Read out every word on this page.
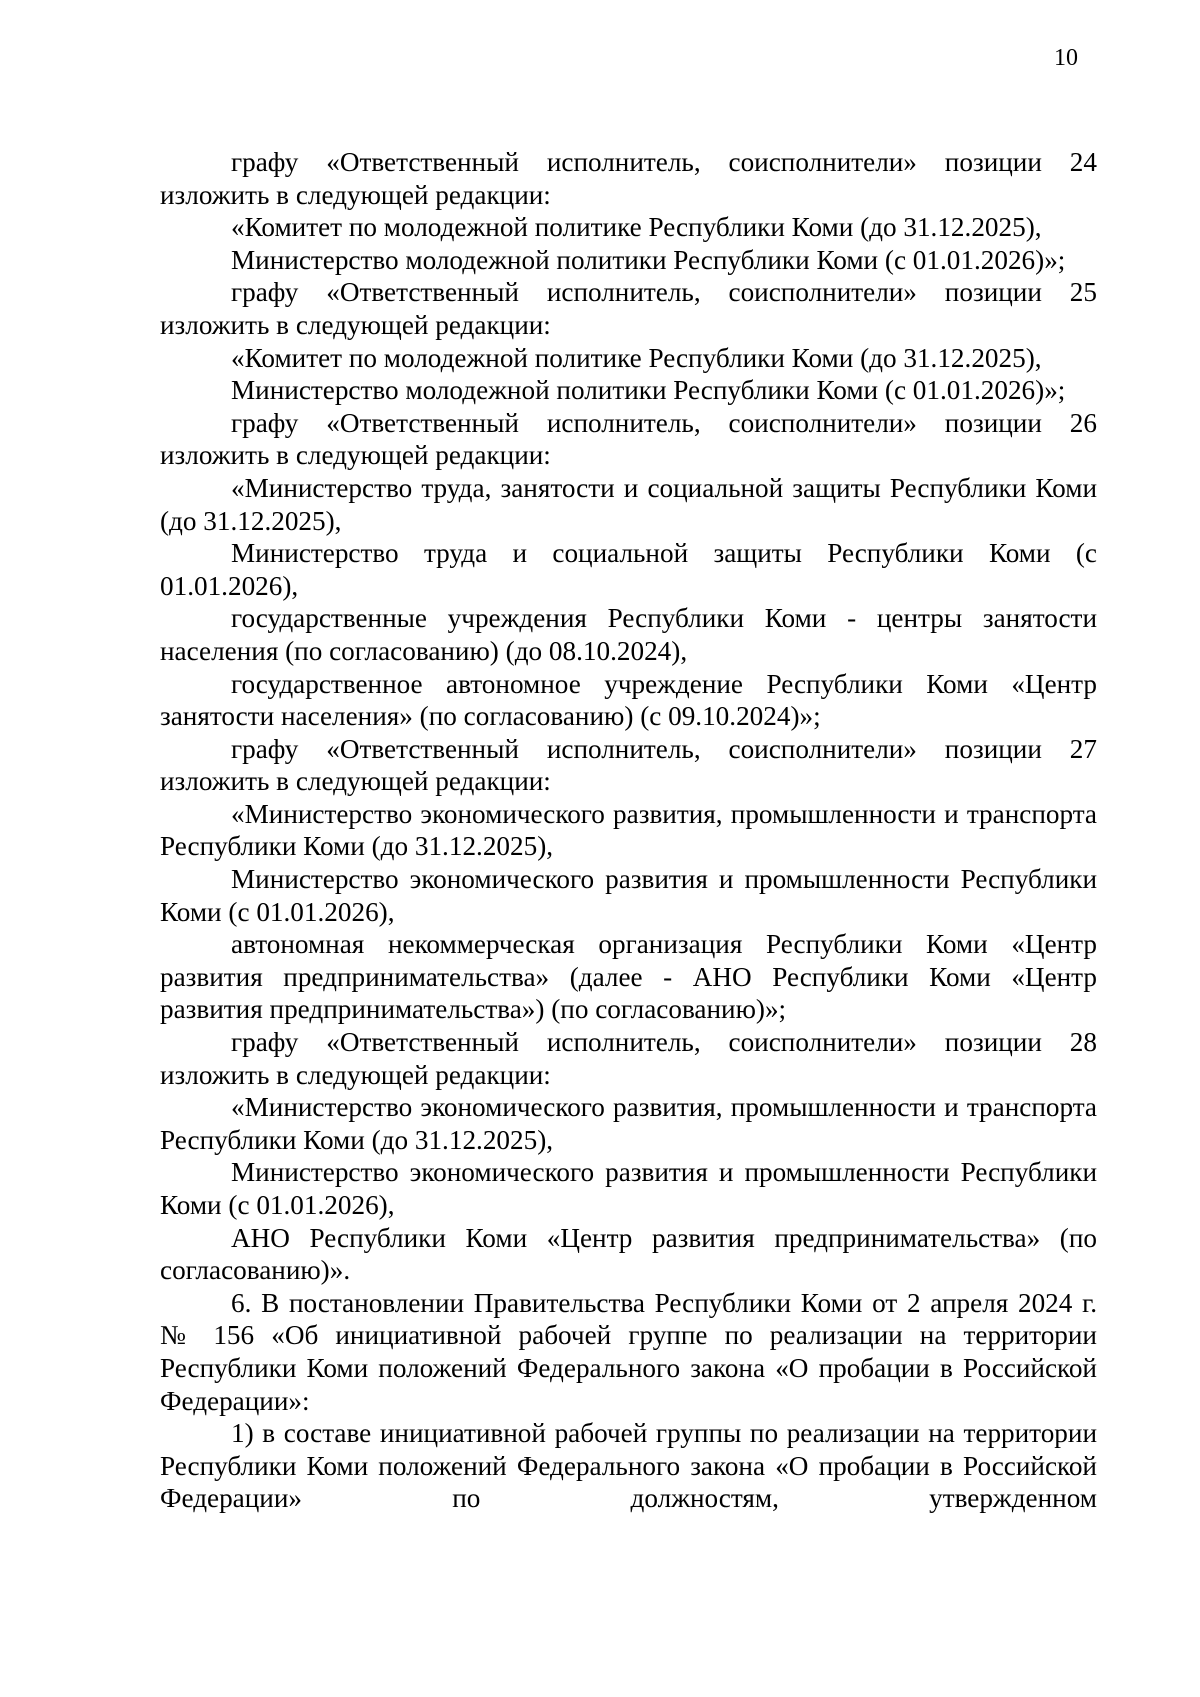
10

графу «Ответственный исполнитель, соисполнители» позиции 24 изложить в следующей редакции:

«Комитет по молодежной политике Республики Коми (до 31.12.2025),

Министерство молодежной политики Республики Коми (с 01.01.2026)»;

графу «Ответственный исполнитель, соисполнители» позиции 25 изложить в следующей редакции:

«Комитет по молодежной политике Республики Коми (до 31.12.2025),

Министерство молодежной политики Республики Коми (с 01.01.2026)»;

графу «Ответственный исполнитель, соисполнители» позиции 26 изложить в следующей редакции:

«Министерство труда, занятости и социальной защиты Республики Коми (до 31.12.2025),

Министерство труда и социальной защиты Республики Коми (с 01.01.2026),

государственные учреждения Республики Коми - центры занятости населения (по согласованию) (до 08.10.2024),

государственное автономное учреждение Республики Коми «Центр занятости населения» (по согласованию) (с 09.10.2024)»;

графу «Ответственный исполнитель, соисполнители» позиции 27 изложить в следующей редакции:

«Министерство экономического развития, промышленности и транспорта Республики Коми (до 31.12.2025),

Министерство экономического развития и промышленности Республики Коми (с 01.01.2026),

автономная некоммерческая организация Республики Коми «Центр развития предпринимательства» (далее - АНО Республики Коми «Центр развития предпринимательства») (по согласованию)»;

графу «Ответственный исполнитель, соисполнители» позиции 28 изложить в следующей редакции:

«Министерство экономического развития, промышленности и транспорта Республики Коми (до 31.12.2025),

Министерство экономического развития и промышленности Республики Коми (с 01.01.2026),

АНО Республики Коми «Центр развития предпринимательства» (по согласованию)».

6. В постановлении Правительства Республики Коми от 2 апреля 2024 г. № 156 «Об инициативной рабочей группе по реализации на территории Республики Коми положений Федерального закона «О пробации в Российской Федерации»:

1) в составе инициативной рабочей группы по реализации на территории Республики Коми положений Федерального закона «О пробации в Российской Федерации» по должностям, утвержденном
